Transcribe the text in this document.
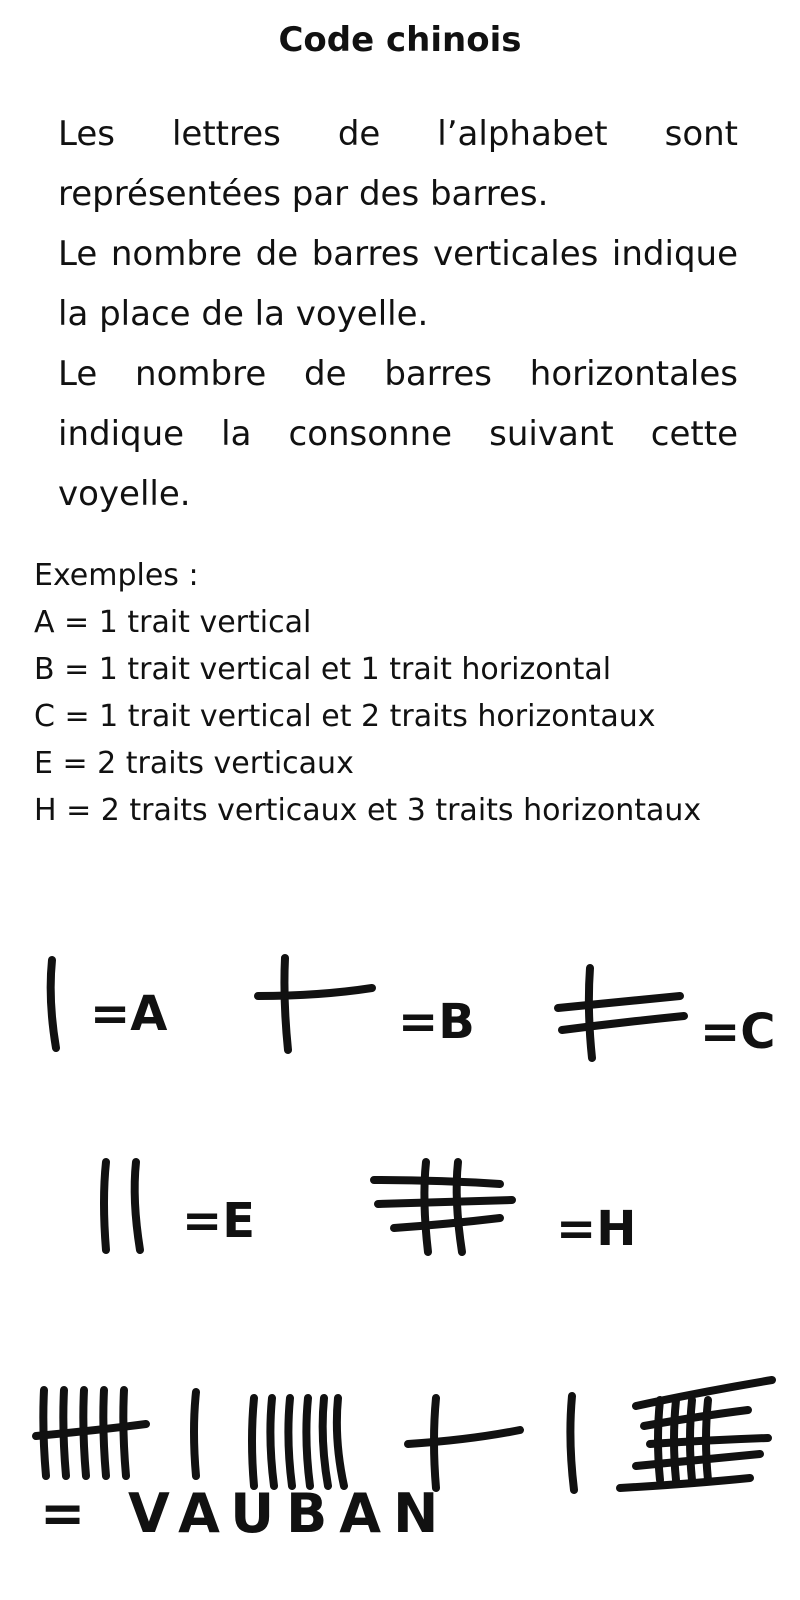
Code chinois

Les lettres de l’alphabet sont représentées par des barres.

Le nombre de barres verticales indique la place de la voyelle.

Le nombre de barres horizontales indique la consonne suivant cette voyelle.

Exemples :
A = 1 trait vertical
B = 1 trait vertical et 1 trait horizontal
C = 1 trait vertical et 2 traits horizontaux
E = 2 traits verticaux
H = 2 traits verticaux et 3 traits horizontaux
=A	=B	=C
=E	=H
= VAUBAN
